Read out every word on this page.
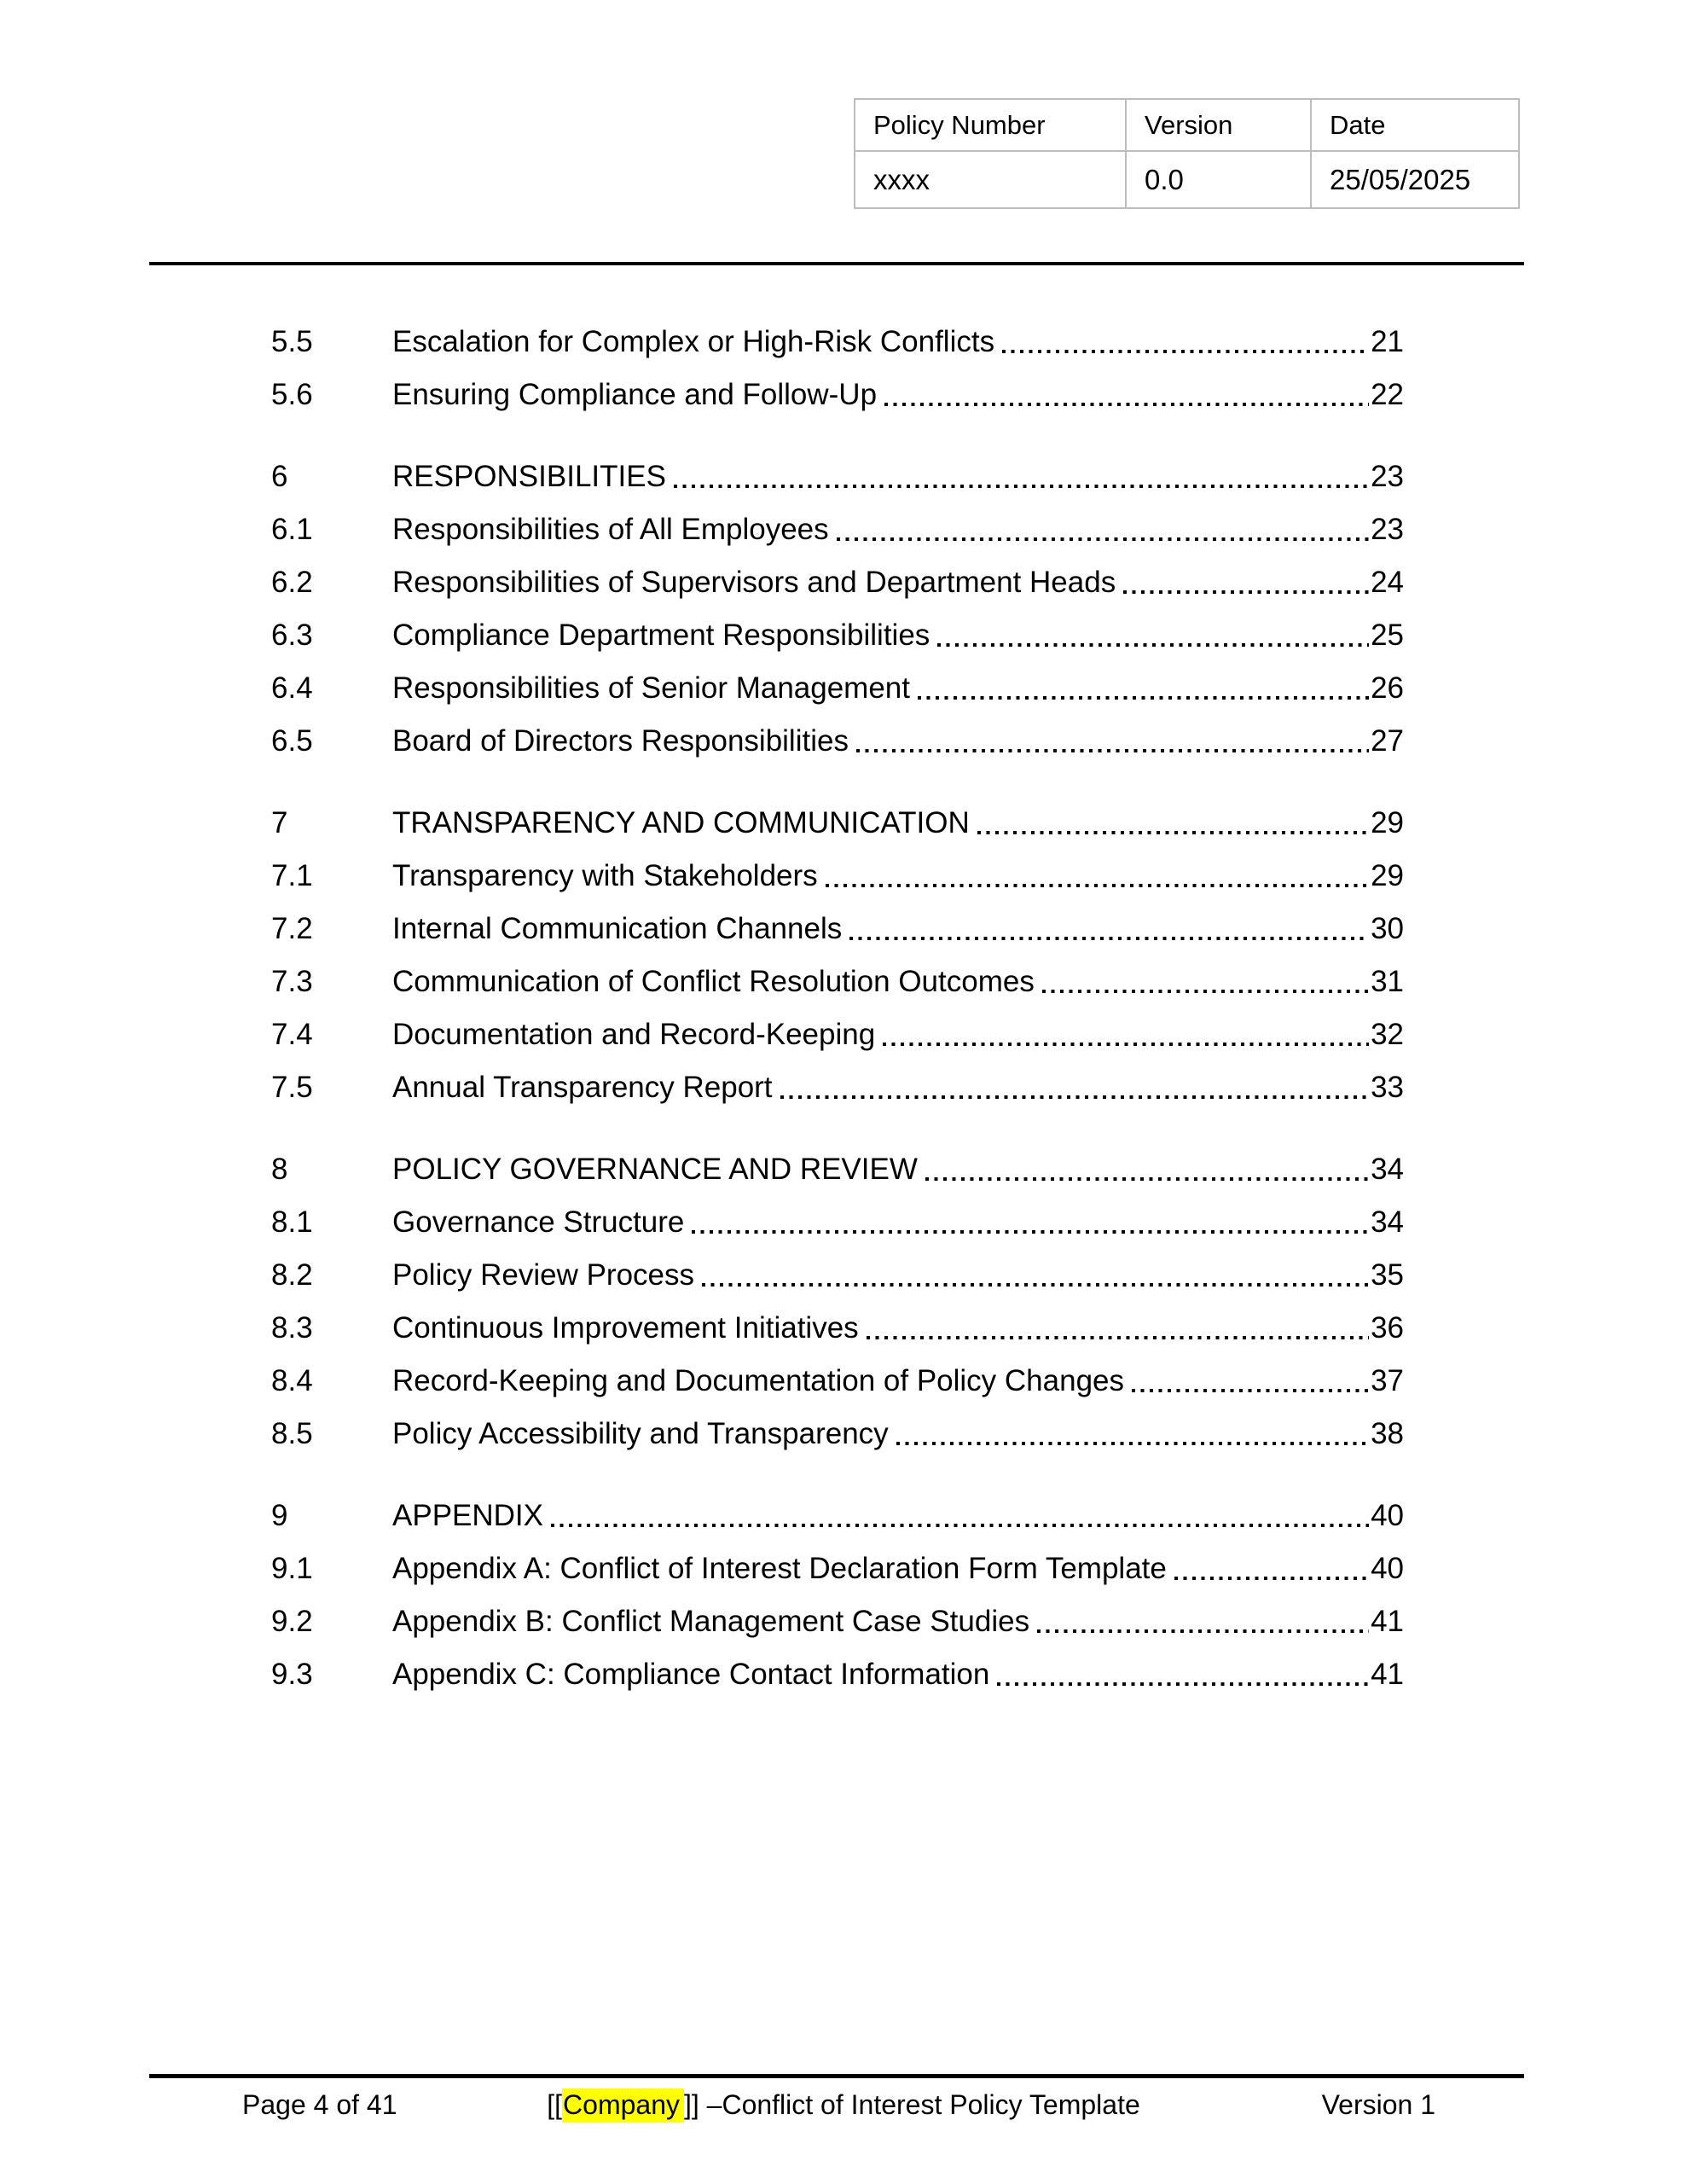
Policy Number	Version	Date
xxxx	0.0	25/05/2025
5.5	Escalation for Complex or High-Risk Conflicts	21
5.6	Ensuring Compliance and Follow-Up	22
6	RESPONSIBILITIES	23
6.1	Responsibilities of All Employees	23
6.2	Responsibilities of Supervisors and Department Heads	24
6.3	Compliance Department Responsibilities	25
6.4	Responsibilities of Senior Management	26
6.5	Board of Directors Responsibilities	27
7	TRANSPARENCY AND COMMUNICATION	29
7.1	Transparency with Stakeholders	29
7.2	Internal Communication Channels	30
7.3	Communication of Conflict Resolution Outcomes	31
7.4	Documentation and Record-Keeping	32
7.5	Annual Transparency Report	33
8	POLICY GOVERNANCE AND REVIEW	34
8.1	Governance Structure	34
8.2	Policy Review Process	35
8.3	Continuous Improvement Initiatives	36
8.4	Record-Keeping and Documentation of Policy Changes	37
8.5	Policy Accessibility and Transparency	38
9	APPENDIX	40
9.1	Appendix A: Conflict of Interest Declaration Form Template	40
9.2	Appendix B: Conflict Management Case Studies	41
9.3	Appendix C: Compliance Contact Information	41
Page 4 of 41	[[Company ]] –Conflict of Interest Policy Template	Version 1
